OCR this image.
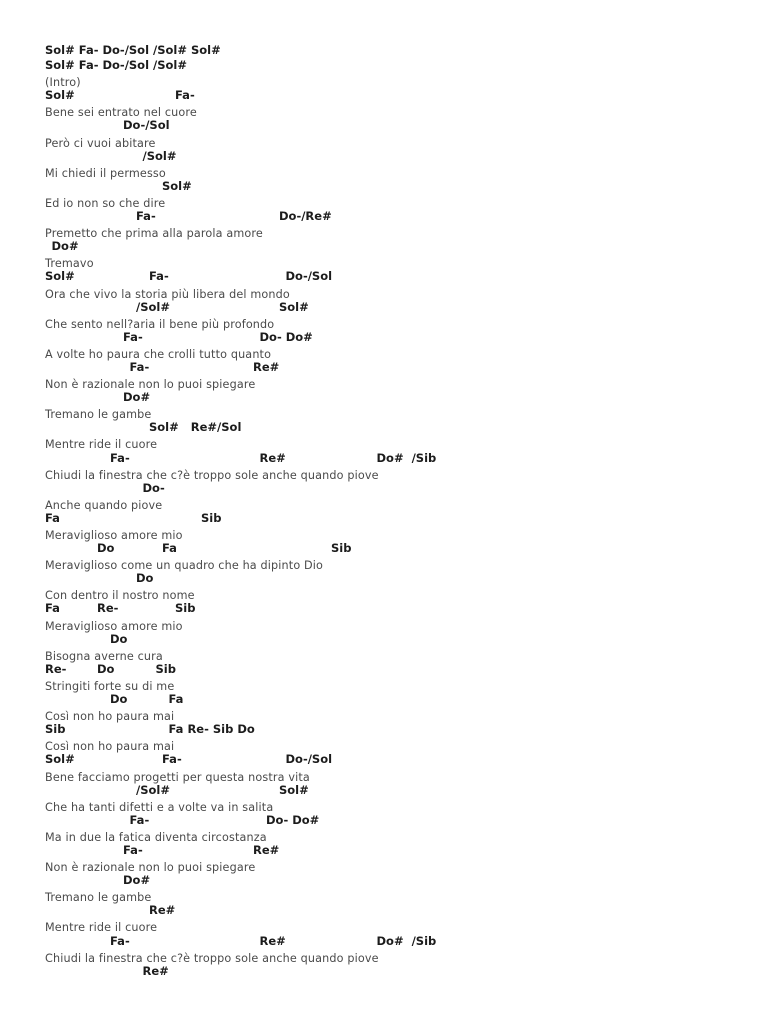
Sol# Fa- Do-/Sol /Sol# Sol#
Sol# Fa- Do-/Sol /Sol#
(Intro)
Sol#	Fa-
Bene sei entrato nel cuore
Do-/Sol
Però ci vuoi abitare
/Sol#
Mi chiedi il permesso
Sol#
Ed io non so che dire
Fa-	Do-/Re#
Premetto che prima alla parola amore
Do#
Tremavo
Sol#	Fa-	Do-/Sol
Ora che vivo la storia più libera del mondo
/Sol#	Sol#
Che sento nell?aria il bene più profondo
Fa-	Do- Do#
A volte ho paura che crolli tutto quanto
Fa-	Re#
Non è razionale non lo puoi spiegare
Do#
Tremano le gambe
Sol#   Re#/Sol
Mentre ride il cuore
Fa-	Re#	Do#  /Sib
Chiudi la finestra che c?è troppo sole anche quando piove
Do-
Anche quando piove
Fa	Sib
Meraviglioso amore mio
Do	Fa	Sib
Meraviglioso come un quadro che ha dipinto Dio
Do
Con dentro il nostro nome
Fa	Re-	Sib
Meraviglioso amore mio
Do
Bisogna averne cura
Re-	Do	Sib
Stringiti forte su di me
Do	Fa
Così non ho paura mai
Sib	Fa Re- Sib Do
Così non ho paura mai
Sol#	Fa-	Do-/Sol
Bene facciamo progetti per questa nostra vita
/Sol#	Sol#
Che ha tanti difetti e a volte va in salita
Fa-	Do- Do#
Ma in due la fatica diventa circostanza
Fa-	Re#
Non è razionale non lo puoi spiegare
Do#
Tremano le gambe
Re#
Mentre ride il cuore
Fa-	Re#	Do#  /Sib
Chiudi la finestra che c?è troppo sole anche quando piove
Re#
